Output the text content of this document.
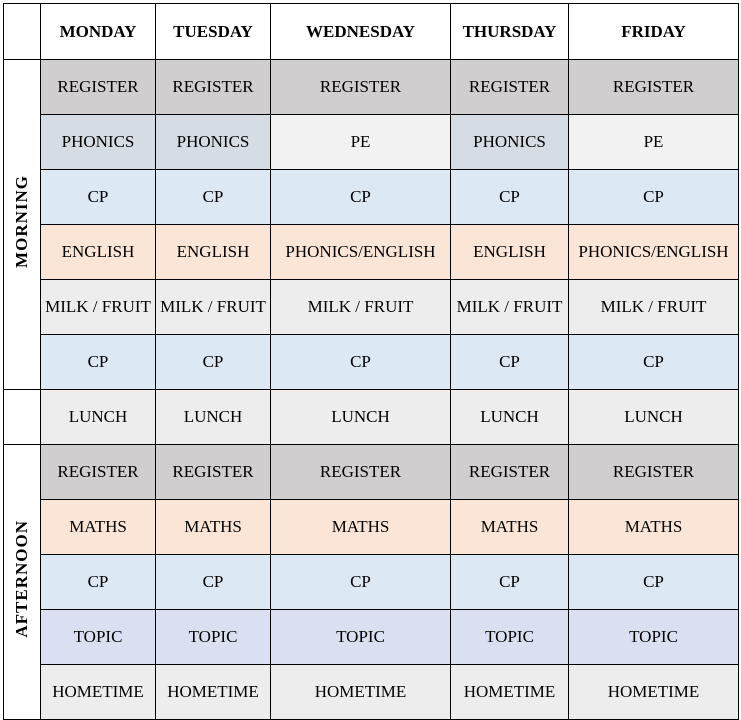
	MONDAY	TUESDAY	WEDNESDAY	THURSDAY	FRIDAY
MORNING	REGISTER	REGISTER	REGISTER	REGISTER	REGISTER
	PHONICS	PHONICS	PE	PHONICS	PE
	CP	CP	CP	CP	CP
	ENGLISH	ENGLISH	PHONICS/ENGLISH	ENGLISH	PHONICS/ENGLISH
	MILK / FRUIT	MILK / FRUIT	MILK / FRUIT	MILK / FRUIT	MILK / FRUIT
	CP	CP	CP	CP	CP
	LUNCH	LUNCH	LUNCH	LUNCH	LUNCH
AFTERNOON	REGISTER	REGISTER	REGISTER	REGISTER	REGISTER
	MATHS	MATHS	MATHS	MATHS	MATHS
	CP	CP	CP	CP	CP
	TOPIC	TOPIC	TOPIC	TOPIC	TOPIC
	HOMETIME	HOMETIME	HOMETIME	HOMETIME	HOMETIME
